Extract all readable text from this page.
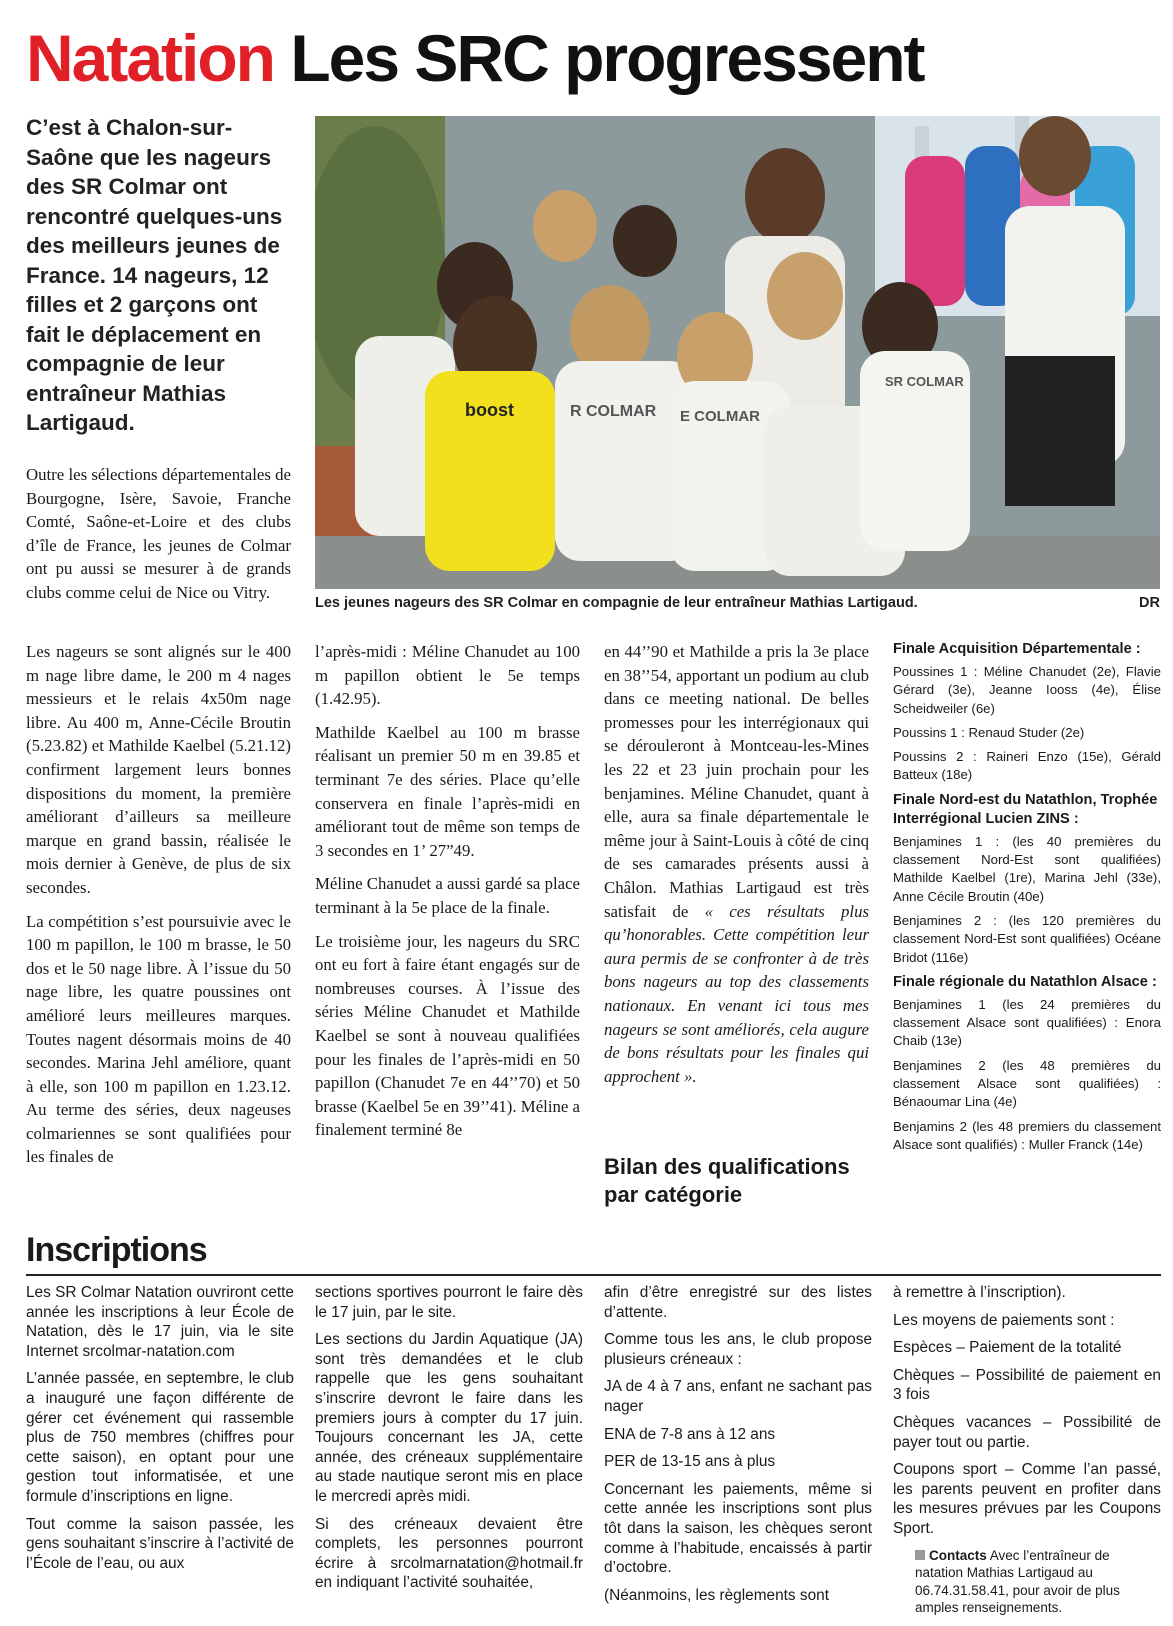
Natation Les SRC progressent
C’est à Chalon-sur-Saône que les nageurs des SR Colmar ont rencontré quelques-uns des meilleurs jeunes de France. 14 nageurs, 12 filles et 2 garçons ont fait le déplacement en compagnie de leur entraîneur Mathias Lartigaud.	boost	R COLMAR E COLMAR
SR COLMAR
Les jeunes nageurs des SR Colmar en compagnie de leur entraîneur Mathias Lartigaud.	DR

Outre les sélections départementales de Bourgogne, Isère, Savoie, Franche Comté, Saône-et-Loire et des clubs d’île de France, les jeunes de Colmar ont pu aussi se mesurer à de grands clubs comme celui de Nice ou Vitry.

Les nageurs se sont alignés sur le 400 m nage libre dame, le 200 m 4 nages messieurs et le relais 4x50m nage libre. Au 400 m, Anne-Cécile Broutin (5.23.82) et Mathilde Kaelbel (5.21.12) confirment largement leurs bonnes dispositions du moment, la première améliorant d’ailleurs sa meilleure marque en grand bassin, réalisée le mois dernier à Genève, de plus de six secondes.

La compétition s’est poursuivie avec le 100 m papillon, le 100 m brasse, le 50 dos et le 50 nage libre. À l’issue du 50 nage libre, les quatre poussines ont amélioré leurs meilleures marques. Toutes nagent désormais moins de 40 secondes. Marina Jehl améliore, quant à elle, son 100 m papillon en 1.23.12. Au terme des séries, deux nageuses colmariennes se sont qualifiées pour les finales de

l’après-midi : Méline Chanudet au 100 m papillon obtient le 5e temps (1.42.95).

Mathilde Kaelbel au 100 m brasse réalisant un premier 50 m en 39.85 et terminant 7e des séries. Place qu’elle conservera en finale l’après-midi en améliorant tout de même son temps de 3 secondes en 1’ 27”49.

Méline Chanudet a aussi gardé sa place terminant à la 5e place de la finale.

Le troisième jour, les nageurs du SRC ont eu fort à faire étant engagés sur de nombreuses courses. À l’issue des séries Méline Chanudet et Mathilde Kaelbel se sont à nouveau qualifiées pour les finales de l’après-midi en 50 papillon (Chanudet 7e en 44’’70) et 50 brasse (Kaelbel 5e en 39’’41). Méline a finalement terminé 8e

en 44’’90 et Mathilde a pris la 3e place en 38’’54, apportant un podium au club dans ce meeting national. De belles promesses pour les interrégionaux qui se dérouleront à Montceau-les-Mines les 22 et 23 juin prochain pour les benjamines. Méline Chanudet, quant à elle, aura sa finale départementale le même jour à Saint-Louis à côté de cinq de ses camarades présents aussi à Châlon. Mathias Lartigaud est très satisfait de « ces résultats plus qu’honorables. Cette compétition leur aura permis de se confronter à de très bons nageurs au top des classements nationaux. En venant ici tous mes nageurs se sont améliorés, cela augure de bons résultats pour les finales qui approchent ».

Bilan des qualifications par catégorie

Finale Acquisition Départementale :

Poussines 1 : Méline Chanudet (2e), Flavie Gérard (3e), Jeanne Iooss (4e), Élise Scheidweiler (6e)

Poussins 1 : Renaud Studer (2e)

Poussins 2 : Raineri Enzo (15e), Gérald Batteux (18e)

Finale Nord-est du Natathlon, Trophée Interrégional Lucien ZINS :

Benjamines 1 : (les 40 premières du classement Nord-Est sont qualifiées) Mathilde Kaelbel (1re), Marina Jehl (33e), Anne Cécile Broutin (40e)

Benjamines 2 : (les 120 premières du classement Nord-Est sont qualifiées) Océane Bridot (116e)

Finale régionale du Natathlon Alsace :

Benjamines 1 (les 24 premières du classement Alsace sont qualifiées) : Enora Chaib (13e)

Benjamines 2 (les 48 premières du classement Alsace sont qualifiées) : Bénaoumar Lina (4e)

Benjamins 2 (les 48 premiers du classement Alsace sont qualifiés) : Muller Franck (14e)

Inscriptions

Les SR Colmar Natation ouvriront cette année les inscriptions à leur École de Natation, dès le 17 juin, via le site Internet srcolmar-natation.com

L’année passée, en septembre, le club a inauguré une façon différente de gérer cet événement qui rassemble plus de 750 membres (chiffres pour cette saison), en optant pour une gestion tout informatisée, et une formule d’inscriptions en ligne.

Tout comme la saison passée, les gens souhaitant s’inscrire à l’activité de l’École de l’eau, ou aux

sections sportives pourront le faire dès le 17 juin, par le site.

Les sections du Jardin Aquatique (JA) sont très demandées et le club rappelle que les gens souhaitant s’inscrire devront le faire dans les premiers jours à compter du 17 juin. Toujours concernant les JA, cette année, des créneaux supplémentaire au stade nautique seront mis en place le mercredi après midi.

Si des créneaux devaient être complets, les personnes pourront écrire à srcolmarnatation@hotmail.fr en indiquant l’activité souhaitée,

afin d’être enregistré sur des listes d’attente.

Comme tous les ans, le club propose plusieurs créneaux :

JA de 4 à 7 ans, enfant ne sachant pas nager

ENA de 7-8 ans à 12 ans

PER de 13-15 ans à plus

Concernant les paiements, même si cette année les inscriptions sont plus tôt dans la saison, les chèques seront comme à l’habitude, encaissés à partir d’octobre.

(Néanmoins, les règlements sont

à remettre à l’inscription).

Les moyens de paiements sont :

Espèces – Paiement de la totalité

Chèques – Possibilité de paiement en 3 fois

Chèques vacances – Possibilité de payer tout ou partie.

Coupons sport – Comme l’an passé, les parents peuvent en profiter dans les mesures prévues par les Coupons Sport.

Contacts Avec l’entraîneur de natation Mathias Lartigaud au 06.74.31.58.41, pour avoir de plus amples renseignements.
